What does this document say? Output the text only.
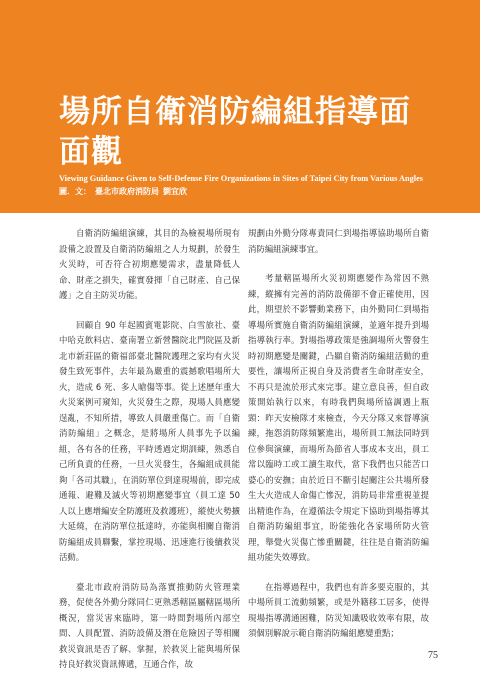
場所自衛消防編組指導面面觀
Viewing Guidance Given to Self-Defense Fire Organizations in Sites of Taipei City from Various Angles
圖．文： 臺北市政府消防局 劉宜欣

自衛消防編組演練，其目的為檢視場所現有設備之設置及自衛消防編組之人力規劃，於發生火災時，可否符合初期應變需求，盡量降低人命、財產之損失，確實發揮「自己財產、自己保護」之自主防災功能。

回顧自 90 年起國賓電影院、白雪旅社、臺中哈克飲料店、臺南署立新營醫院北門院區及新北市新莊區的衛福部臺北醫院護理之家均有火災發生致死事件，去年最為嚴重的震撼歌唱場所大火，造成 6 死、多人嗆傷等事。從上述歷年重大火災案例可窺知，火災發生之際，現場人員應變逞亂，不知所措，導致人員嚴重傷亡。而「自衛消防編組」之概念，是將場所人員事先予以編組，各有各的任務，平時透過定期訓練，熟悉自己所負責的任務，一旦火災發生，各編組成員能夠「各司其職」，在消防單位到達現場前，即完成通報、避難及滅火等初期應變事宜（員工達 50 人以上應增編安全防護班及救護班），縱使火勢擴大延燒，在消防單位抵達時，亦能與相關自衛消防編組成員聯繫，掌控現場、迅速進行後續救災活動。

臺北市政府消防局為落實推動防火管理業務，促使各外勤分隊同仁更熟悉轄區屬轄區場所概況，當災害來臨時，第一時間對場所內部空間、人員配置、消防設備及潛在危險因子等相關救災資訊是否了解、掌握，於救災上能與場所保持良好救災資訊傳遞，互通合作，故

規劃由外勤分隊專責同仁到場指導協助場所自衛消防編組演練事宜。

考量轄區場所火災初期應變作為常因不熟練，縱擁有完善的消防設備卻不會正確使用，因此，期望於不影響動業務下，由外勤同仁到場指導場所實施自衛消防編組演練，並適年提升到場指導執行率。對場指導政策是強調場所火警發生時初期應變是關鍵，凸顯自衛消防編組活動的重要性，讓場所正視自身及消費者生命財產安全，不再只是流於形式來完事。建立意良善，但自政策開始執行以來，有時我們與場所協調遇上瓶頸：昨天安檢隊才來檢查，今天分隊又來督導演練，拖怨消防隊頻繁進出，場所員工無法同時到位參與演練，而場所為節省人事成本支出，員工常以臨時工或工讀生取代，當下我們也只能苦口婆心的安撫；由於近日不斷引起關注公共場所發生大火造成人命傷亡慘況，消防局非常重視並提出精進作為，在遵循法令規定下協助到場指導其自衛消防編組事宜，盼能強化各家場所防火管理，舉覺火災傷亡慘重關鍵，往往是自衛消防編組功能失效導致。

在指導過程中，我們也有許多要克服的，其中場所員工流動頻繁，或是外籍移工居多，使得現場指導溝通困難，防災知識吸收效率有限，故須個別解說示範自衛消防編組應變重點；

75
